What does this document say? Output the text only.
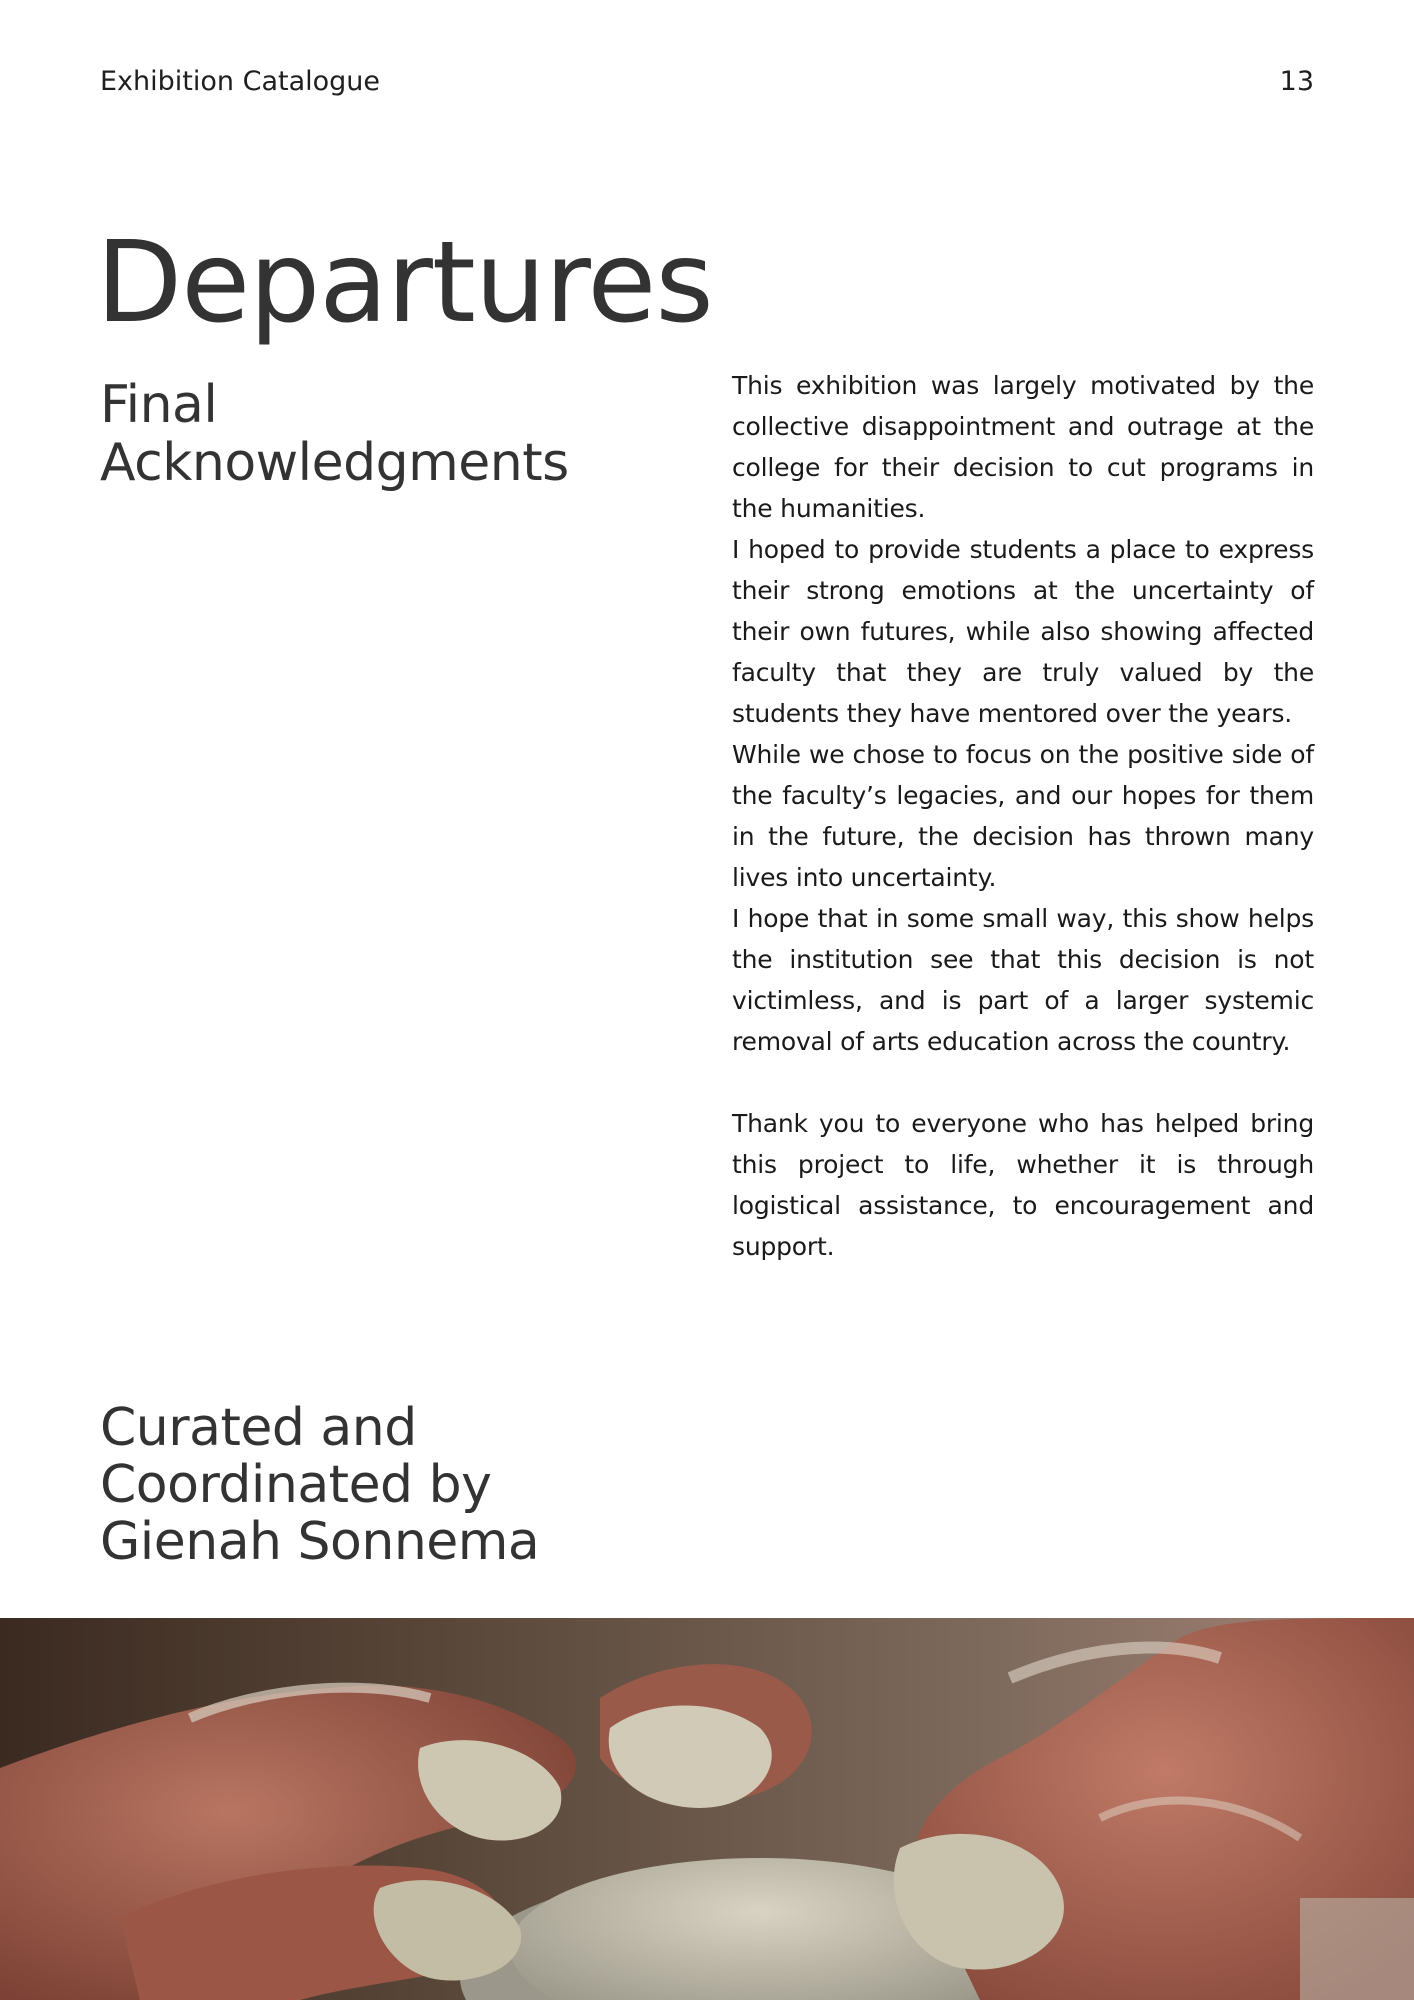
Exhibition Catalogue	13
Departures
Final
Acknowledgments

This exhibition was largely motivated by the collective disappointment and outrage at the college for their decision to cut programs in the humanities.

I hoped to provide students a place to express their strong emotions at the uncertainty of their own futures, while also showing affected faculty that they are truly valued by the students they have mentored over the years.

While we chose to focus on the positive side of the faculty’s legacies, and our hopes for them in the future, the decision has thrown many lives into uncertainty.

I hope that in some small way, this show helps the institution see that this decision is not victimless, and is part of a larger systemic removal of arts education across the country.

Thank you to everyone who has helped bring this project to life, whether it is through logistical assistance, to encouragement and support.

Curated and
Coordinated by
Gienah Sonnema
